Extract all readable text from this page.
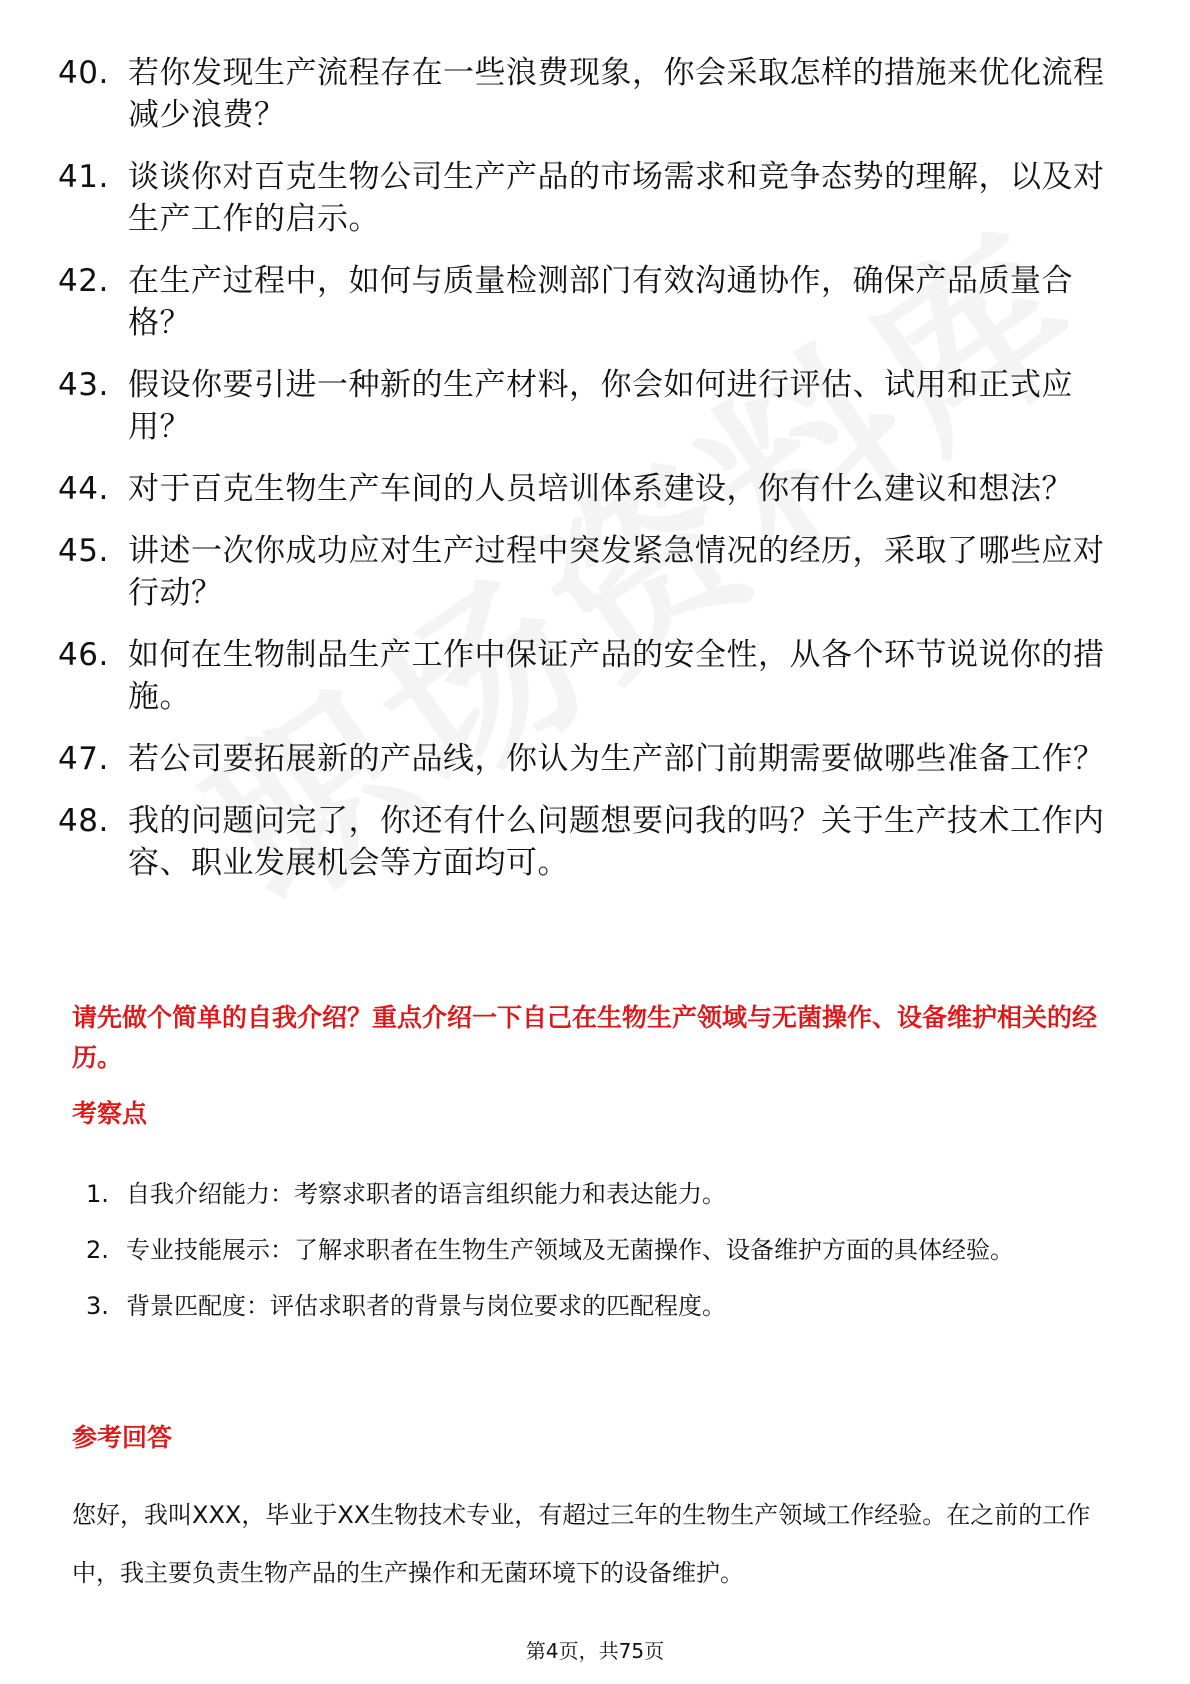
40. 若你发现生产流程存在一些浪费现象，你会采取怎样的措施来优化流程减少浪费？
41. 谈谈你对百克生物公司生产产品的市场需求和竞争态势的理解，以及对生产工作的启示。
42. 在生产过程中，如何与质量检测部门有效沟通协作，确保产品质量合格？
43. 假设你要引进一种新的生产材料，你会如何进行评估、试用和正式应用？
44. 对于百克生物生产车间的人员培训体系建设，你有什么建议和想法？
45. 讲述一次你成功应对生产过程中突发紧急情况的经历，采取了哪些应对行动？
46. 如何在生物制品生产工作中保证产品的安全性，从各个环节说说你的措施。
47. 若公司要拓展新的产品线，你认为生产部门前期需要做哪些准备工作？
48. 我的问题问完了，你还有什么问题想要问我的吗？关于生产技术工作内容、职业发展机会等方面均可。
请先做个简单的自我介绍？重点介绍一下自己在生物生产领域与无菌操作、设备维护相关的经历。
考察点
1. 自我介绍能力：考察求职者的语言组织能力和表达能力。
2. 专业技能展示：了解求职者在生物生产领域及无菌操作、设备维护方面的具体经验。
3. 背景匹配度：评估求职者的背景与岗位要求的匹配程度。
参考回答
您好，我叫XXX，毕业于XX生物技术专业，有超过三年的生物生产领域工作经验。在之前的工作中，我主要负责生物产品的生产操作和无菌环境下的设备维护。
第4页，共75页
